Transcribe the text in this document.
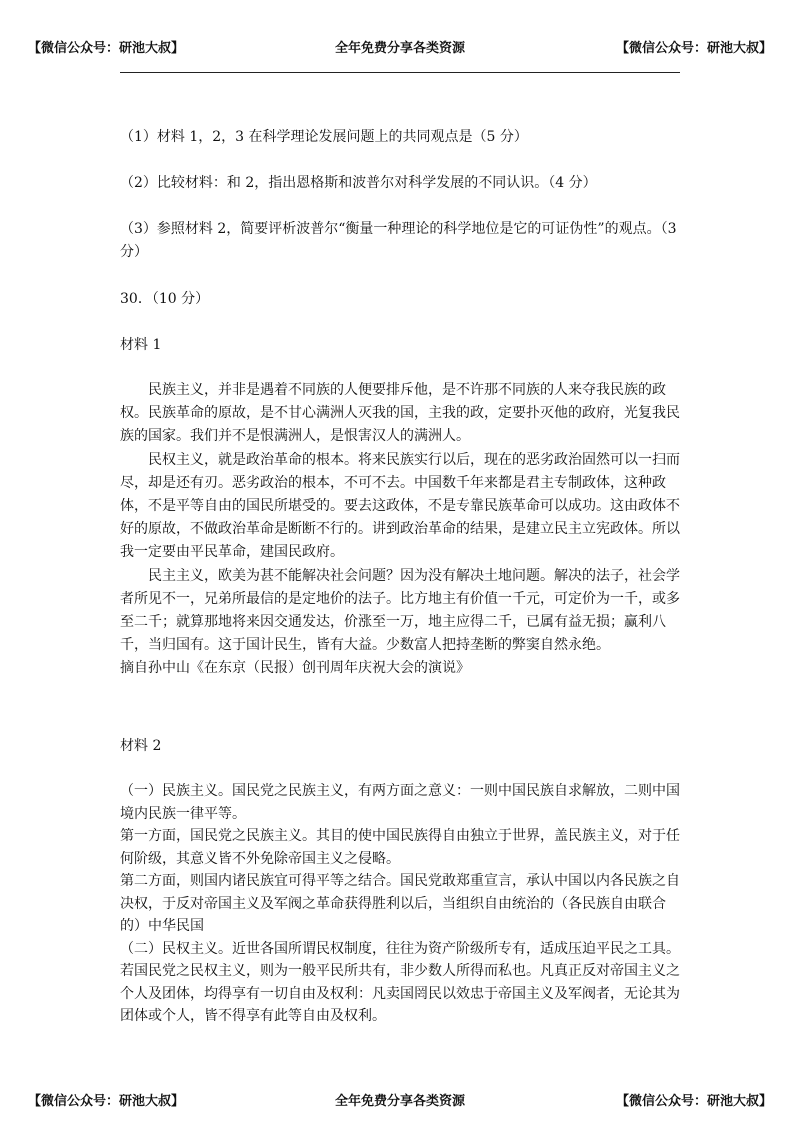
【微信公众号：研池大叔】	全年免费分享各类资源	【微信公众号：研池大叔】
（1）材料 1，2，3 在科学理论发展问题上的共同观点是（5 分）
（2）比较材料：和 2，指出恩格斯和波普尔对科学发展的不同认识。（4 分）
（3）参照材料 2，简要评析波普尔“衡量一种理论的科学地位是它的可证伪性”的观点。（3 分）
30．（10 分）
材料 1

民族主义，并非是遇着不同族的人便要排斥他，是不许那不同族的人来夺我民族的政权。民族革命的原故，是不甘心满洲人灭我的国，主我的政，定要扑灭他的政府，光复我民族的国家。我们并不是恨满洲人，是恨害汉人的满洲人。

民权主义，就是政治革命的根本。将来民族实行以后，现在的恶劣政治固然可以一扫而尽，却是还有刃。恶劣政治的根本，不可不去。中国数千年来都是君主专制政体，这种政体，不是平等自由的国民所堪受的。要去这政体，不是专靠民族革命可以成功。这由政体不好的原故，不做政治革命是断断不行的。讲到政治革命的结果，是建立民主立宪政体。所以我一定要由平民革命，建国民政府。

民主主义，欧美为甚不能解决社会问题？因为没有解决土地问题。解决的法子，社会学者所见不一，兄弟所最信的是定地价的法子。比方地主有价值一千元，可定价为一千，或多至二千；就算那地将来因交通发达，价涨至一万，地主应得二千，已属有益无损；赢利八千，当归国有。这于国计民生，皆有大益。少数富人把持垄断的弊窦自然永绝。

摘自孙中山《在东京（民报）创刊周年庆祝大会的演说》

材料 2

（一）民族主义。国民党之民族主义，有两方面之意义：一则中国民族自求解放，二则中国境内民族一律平等。

第一方面，国民党之民族主义。其目的使中国民族得自由独立于世界，盖民族主义，对于任何阶级，其意义皆不外免除帝国主义之侵略。

第二方面，则国内诸民族宜可得平等之结合。国民党敢郑重宣言，承认中国以内各民族之自决权，于反对帝国主义及军阀之革命获得胜利以后，当组织自由统治的（各民族自由联合的）中华民国

（二）民权主义。近世各国所谓民权制度，往往为资产阶级所专有，适成压迫平民之工具。若国民党之民权主义，则为一般平民所共有，非少数人所得而私也。凡真正反对帝国主义之个人及团体，均得享有一切自由及权利：凡卖国罔民以效忠于帝国主义及军阀者，无论其为团体或个人，皆不得享有此等自由及权利。

【微信公众号：研池大叔】	全年免费分享各类资源	【微信公众号：研池大叔】
